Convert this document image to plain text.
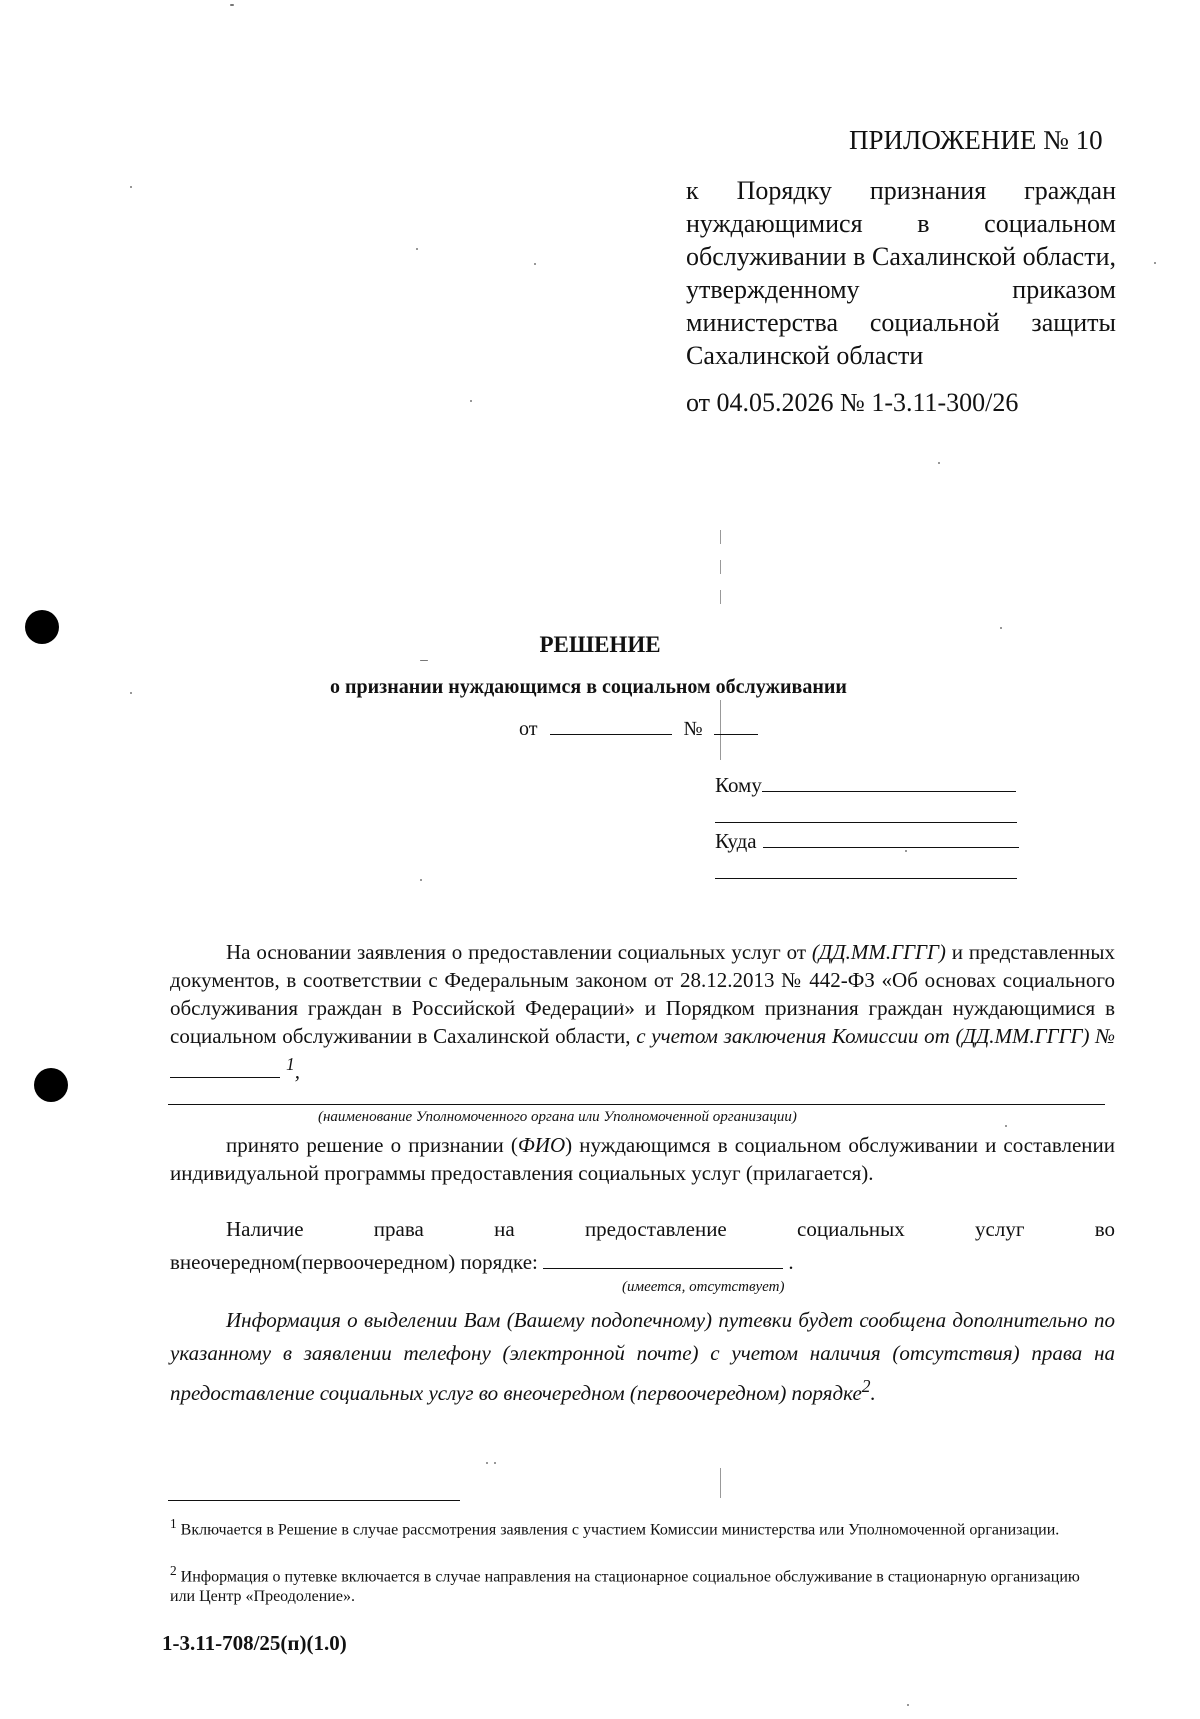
ПРИЛОЖЕНИЕ № 10
к Порядку признания граждан нуждающимися в социальном обслуживании в Сахалинской области, утвержденному приказом министерства социальной защиты Сахалинской области
от 04.05.2026 № 1-3.11-300/26
РЕШЕНИЕ
о признании нуждающимся в социальном обслуживании
от	№
Кому
Куда
На основании заявления о предоставлении социальных услуг от (ДД.ММ.ГГГГ) и представленных документов, в соответствии с Федеральным законом от 28.12.2013 № 442-ФЗ «Об основах социального обслуживания граждан в Российской Федерации» и Порядком признания граждан нуждающимися в социальном обслуживании в Сахалинской области, с учетом заключения Комиссии от (ДД.ММ.ГГГГ) № $^1$,
(наименование Уполномоченного органа или Уполномоченной организации)
принято решение о признании (ФИО) нуждающимся в социальном обслуживании и составлении индивидуальной программы предоставления социальных услуг (прилагается).
Наличие права на предоставление социальных услуг во
внеочередном(первоочередном) порядке:	.
(имеется, отсутствует)
Информация о выделении Вам (Вашему подопечному) путевки будет сообщена дополнительно по указанному в заявлении телефону (электронной почте) с учетом наличия (отсутствия) права на предоставление социальных услуг во внеочередном (первоочередном) порядке$^2$.
$^1$ Включается в Решение в случае рассмотрения заявления с участием Комиссии министерства или Уполномоченной организации.
$^2$ Информация о путевке включается в случае направления на стационарное социальное обслуживание в стационарную организацию или Центр «Преодоление».
1-3.11-708/25(п)(1.0)
